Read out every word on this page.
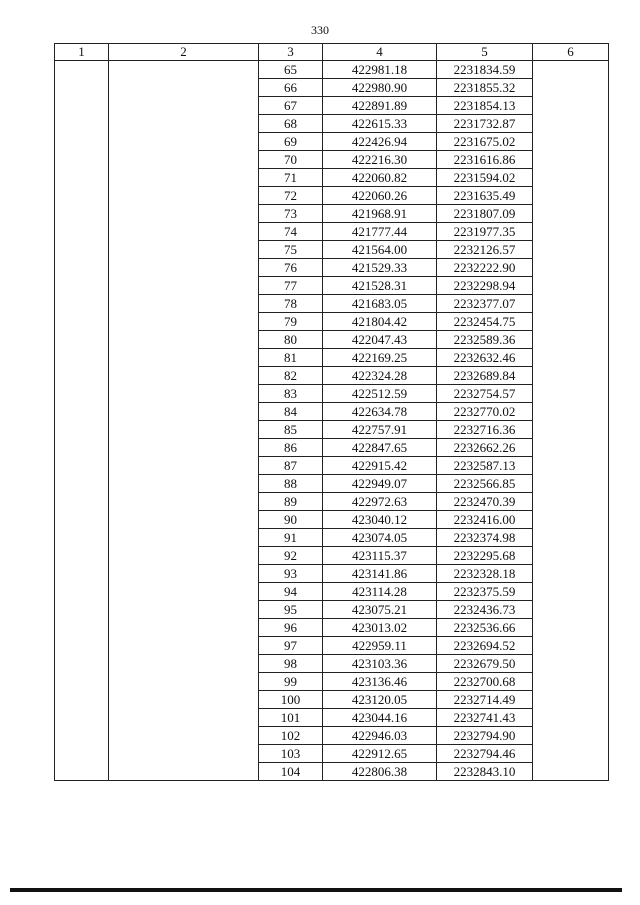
330
1	2	3	4	5	6
		65	422981.18	2231834.59	
		66	422980.90	2231855.32	
		67	422891.89	2231854.13	
		68	422615.33	2231732.87	
		69	422426.94	2231675.02	
		70	422216.30	2231616.86	
		71	422060.82	2231594.02	
		72	422060.26	2231635.49	
		73	421968.91	2231807.09	
		74	421777.44	2231977.35	
		75	421564.00	2232126.57	
		76	421529.33	2232222.90	
		77	421528.31	2232298.94	
		78	421683.05	2232377.07	
		79	421804.42	2232454.75	
		80	422047.43	2232589.36	
		81	422169.25	2232632.46	
		82	422324.28	2232689.84	
		83	422512.59	2232754.57	
		84	422634.78	2232770.02	
		85	422757.91	2232716.36	
		86	422847.65	2232662.26	
		87	422915.42	2232587.13	
		88	422949.07	2232566.85	
		89	422972.63	2232470.39	
		90	423040.12	2232416.00	
		91	423074.05	2232374.98	
		92	423115.37	2232295.68	
		93	423141.86	2232328.18	
		94	423114.28	2232375.59	
		95	423075.21	2232436.73	
		96	423013.02	2232536.66	
		97	422959.11	2232694.52	
		98	423103.36	2232679.50	
		99	423136.46	2232700.68	
		100	423120.05	2232714.49	
		101	423044.16	2232741.43	
		102	422946.03	2232794.90	
		103	422912.65	2232794.46	
		104	422806.38	2232843.10	
